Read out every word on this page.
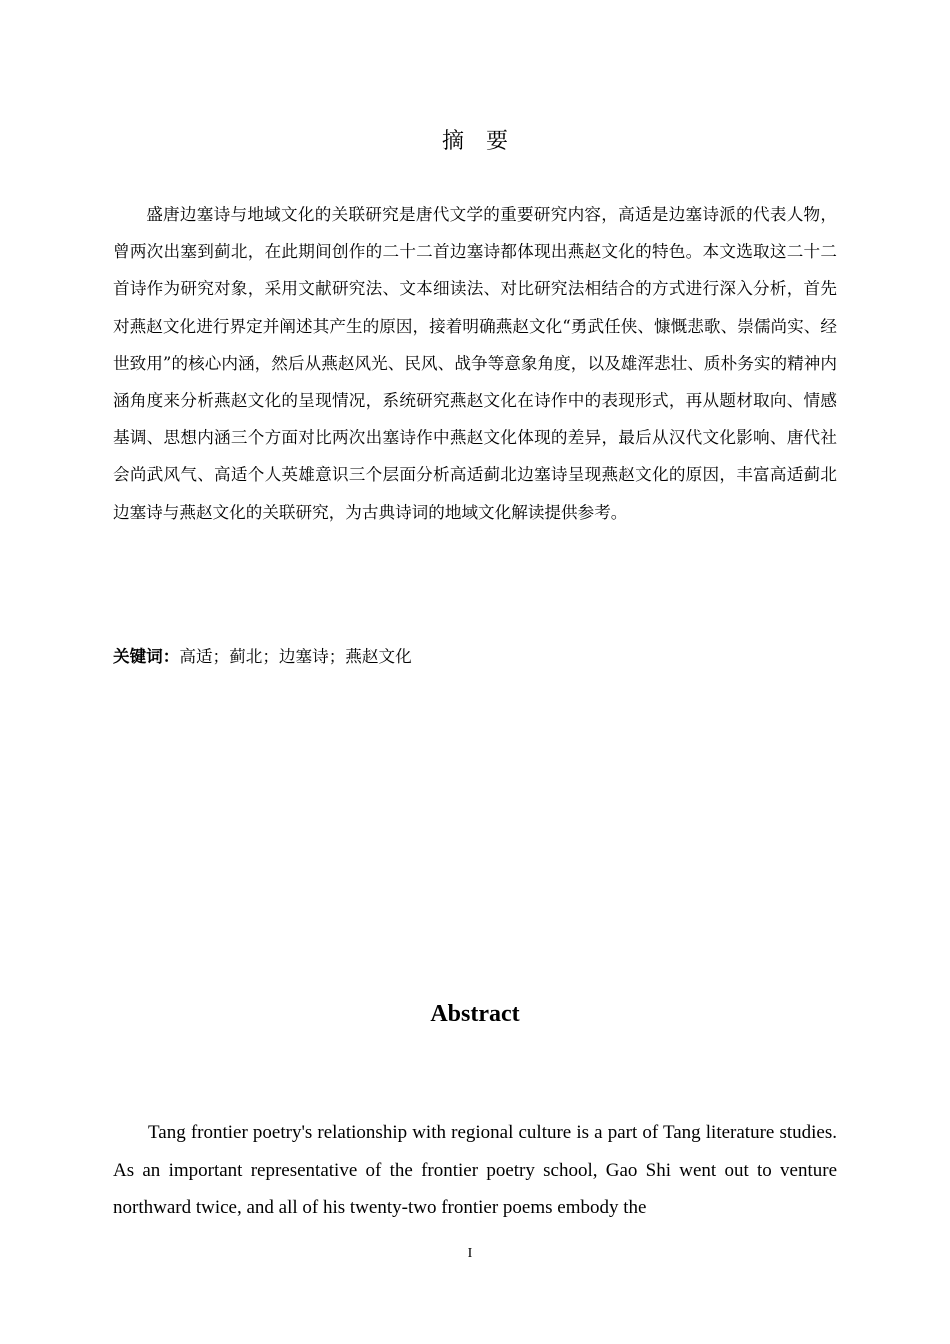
摘　要

盛唐边塞诗与地域文化的关联研究是唐代文学的重要研究内容，高适是边塞诗派的代表人物，曾两次出塞到蓟北，在此期间创作的二十二首边塞诗都体现出燕赵文化的特色。本文选取这二十二首诗作为研究对象，采用文献研究法、文本细读法、对比研究法相结合的方式进行深入分析，首先对燕赵文化进行界定并阐述其产生的原因，接着明确燕赵文化“勇武任侠、慷慨悲歌、崇儒尚实、经世致用”的核心内涵，然后从燕赵风光、民风、战争等意象角度，以及雄浑悲壮、质朴务实的精神内涵角度来分析燕赵文化的呈现情况，系统研究燕赵文化在诗作中的表现形式，再从题材取向、情感基调、思想内涵三个方面对比两次出塞诗作中燕赵文化体现的差异，最后从汉代文化影响、唐代社会尚武风气、高适个人英雄意识三个层面分析高适蓟北边塞诗呈现燕赵文化的原因，丰富高适蓟北边塞诗与燕赵文化的关联研究，为古典诗词的地域文化解读提供参考。

关键词：高适；蓟北；边塞诗；燕赵文化

Abstract

Tang frontier poetry's relationship with regional culture is a part of Tang literature studies. As an important representative of the frontier poetry school, Gao Shi went out to venture northward twice, and all of his twenty-two frontier poems embody the

I
